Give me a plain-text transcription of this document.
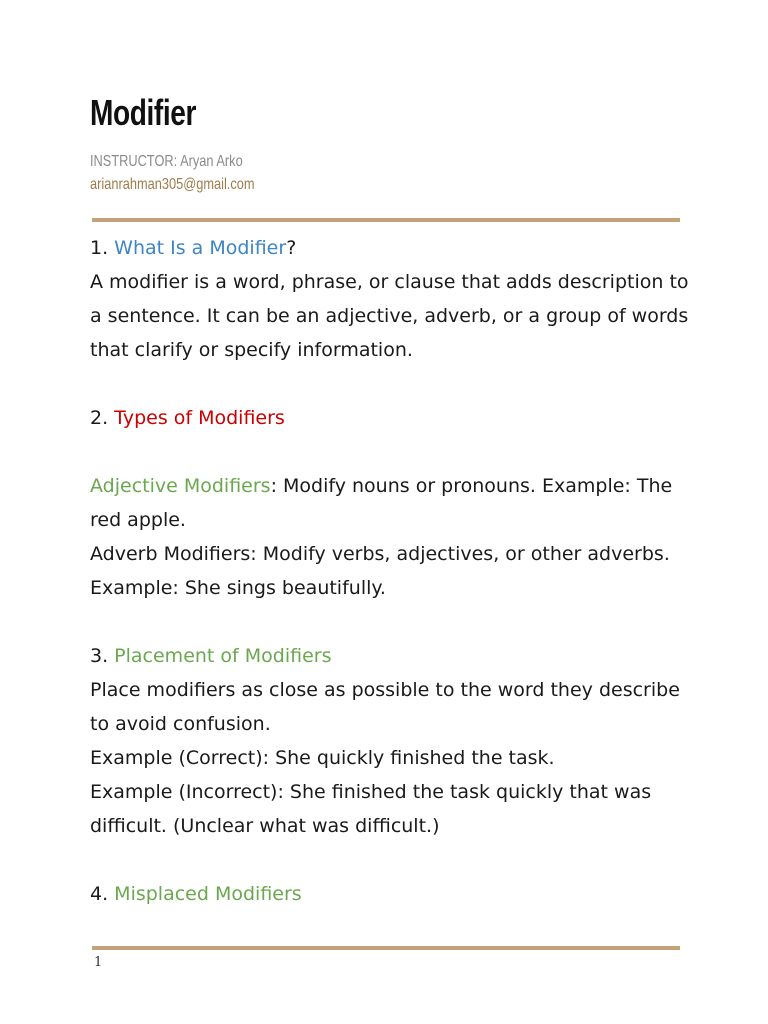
Modifier
INSTRUCTOR: Aryan Arko
arianrahman305@gmail.com
1. What Is a Modifier?
A modifier is a word, phrase, or clause that adds description to
a sentence. It can be an adjective, adverb, or a group of words
that clarify or specify information.
2. Types of Modifiers
Adjective Modifiers: Modify nouns or pronouns. Example: The
red apple.
Adverb Modifiers: Modify verbs, adjectives, or other adverbs.
Example: She sings beautifully.
3. Placement of Modifiers
Place modifiers as close as possible to the word they describe
to avoid confusion.
Example (Correct): She quickly finished the task.
Example (Incorrect): She finished the task quickly that was
difficult. (Unclear what was difficult.)
4. Misplaced Modifiers
1
